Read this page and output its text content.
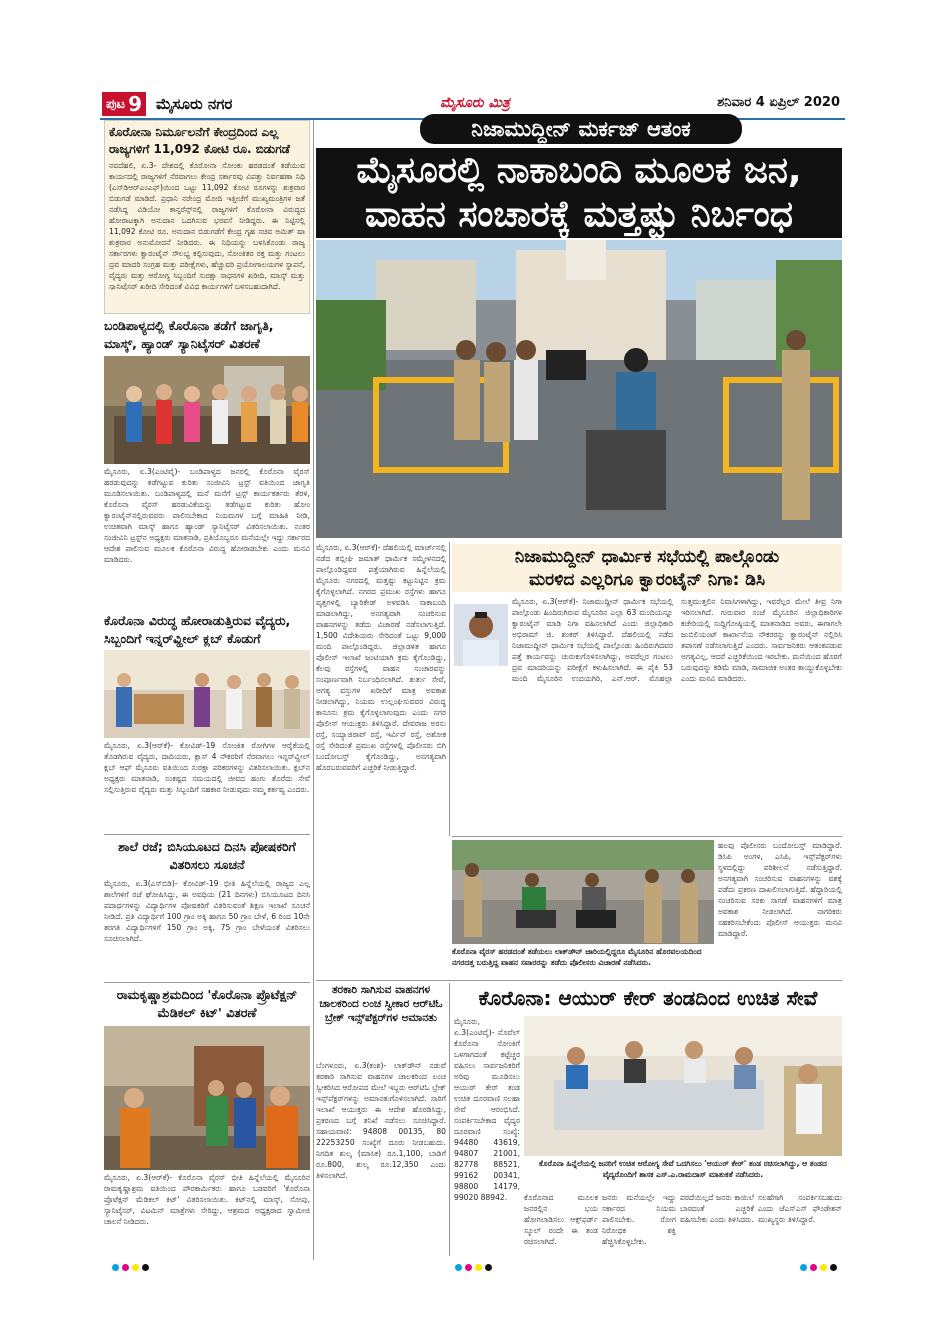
ಪುಟ 9 ಮೈಸೂರು ನಗರ	ಮೈಸೂರು ಮಿತ್ರ	ಶನಿವಾರ 4 ಏಪ್ರಿಲ್ 2020
ಕೊರೋನಾ ನಿರ್ಮೂಲನೆಗೆ ಕೇಂದ್ರದಿಂದ ಎಲ್ಲ ರಾಜ್ಯಗಳಿಗೆ 11,092 ಕೋಟಿ ರೂ. ಬಿಡುಗಡೆ
ನವದೆಹಲಿ, ಏ.3- ದೇಶದಲ್ಲಿ ಕೊರೋನಾ ಸೋಂಕು ಹರಡದಂತೆ ತಡೆಯುವ ಕಾರ್ಯದಲ್ಲಿ ರಾಜ್ಯಗಳಿಗೆ ನೆರವಾಗಲು ಕೇಂದ್ರ ಸರ್ಕಾರವು ವಿಪತ್ತು ನಿರ್ವಹಣಾ ನಿಧಿ (ಎಸ್‌ಡಿಆರ್‌ಎಂಎಫ್)ಯಿಂದ ಒಟ್ಟು 11,092 ಕೋಟಿ ರೂಗಳನ್ನು ಶುಕ್ರವಾರ ಬಿಡುಗಡೆ ಮಾಡಿದೆ. ಪ್ರಧಾನಿ ನರೇಂದ್ರ ಮೋದಿ ಇತ್ತೀಚೆಗೆ ಮುಖ್ಯಮಂತ್ರಿಗಳ ಜತೆ ನಡೆಸಿದ್ದ ವಿಡಿಯೋ ಕಾನ್ಫರೆನ್ಸ್‌ನಲ್ಲಿ ರಾಜ್ಯಗಳಿಗೆ ಕೊರೋನಾ ವಿರುದ್ಧದ ಹೋರಾಟಕ್ಕಾಗಿ ಅನುದಾನ ಒದಗಿಸುವ ಭರವಸೆ ನೀಡಿದ್ದರು. ಈ ನಿಟ್ಟಿನಲ್ಲಿ 11,092 ಕೋಟಿ ರೂ. ಅನುದಾನ ಬಿಡುಗಡೆಗೆ ಕೇಂದ್ರ ಗೃಹ ಸಚಿವ ಅಮಿತ್ ಷಾ ಶುಕ್ರವಾರ ಅನುಮೋದನೆ ನೀಡಿದರು. ಈ ನಿಧಿಯನ್ನು ಬಳಸಿಕೊಂಡು ರಾಜ್ಯ ಸರ್ಕಾರಗಳು ಕ್ವಾರಂಟೈನ್ ಸೌಲಭ್ಯ ಕಲ್ಪಿಸುವುದು, ಸೋಂಕಿತರ ರಕ್ತ ಮತ್ತು ಗಂಟಲು ದ್ರವ ಮಾದರಿ ಸಂಗ್ರಹ ಮತ್ತು ಪರೀಕ್ಷೆಗಳು, ಹೆಚ್ಚುವರಿ ಪ್ರಯೋಗಾಲಯಗಳ ಸ್ಥಾಪನೆ, ವೈದ್ಯರು ಮತ್ತು ಆರೋಗ್ಯ ಸಿಬ್ಬಂದಿಗೆ ಸುರಕ್ಷಾ ಸಾಧನಗಳ ಖರೀದಿ, ಮಾಸ್ಕ್ ಮತ್ತು ಸ್ಯಾನಿಟೈಸರ್ ಖರೀದಿ ಸೇರಿದಂತೆ ವಿವಿಧ ಕಾರ್ಯಗಳಿಗೆ ಬಳಸಬಹುದಾಗಿದೆ.
ಬಂಡಿಪಾಳ್ಯದಲ್ಲಿ ಕೊರೊನಾ ತಡೆಗೆ ಜಾಗೃತಿ, ಮಾಸ್ಕ್, ಹ್ಯಾಂಡ್ ಸ್ಯಾನಿಟೈಸರ್ ವಿತರಣೆ
ಮೈಸೂರು, ಏ.3(ಎಂಟಿವೈ)- ಬಂಡಿಪಾಳ್ಯದ ಜನರಲ್ಲಿ ಕೊರೊನಾ ವೈರಸ್ ಹರಡುವುದನ್ನು ತಡೆಗಟ್ಟುವ ಕುರಿತು ಸಂಜೀವಿನಿ ಟ್ರಸ್ಟ್ ವತಿಯಿಂದ ಜಾಗೃತಿ ಮೂಡಿಸಲಾಯಿತು. ಬಂಡಿಪಾಳ್ಯದಲ್ಲಿ ಮನೆ ಮನೆಗೆ ಟ್ರಸ್ಟ್ ಕಾರ್ಯಕರ್ತರು ತೆರಳಿ, ಕೊರೊನಾ ವೈರಸ್ ಹರಡುವಿಕೆಯನ್ನು ತಡೆಗಟ್ಟುವ ಕುರಿತು ಹೋಂ ಕ್ವಾರಂಟೈನ್‌ನಲ್ಲಿರುವವರು ಪಾಲಿಸಬೇಕಾದ ನಿಯಮಗಳ ಬಗ್ಗೆ ಮಾಹಿತಿ ನೀಡಿ, ಉಚಿತವಾಗಿ ಮಾಸ್ಕ್ ಹಾಗೂ ಹ್ಯಾಂಡ್ ಸ್ಯಾನಿಟೈಸರ್ ವಿತರಿಸಲಾಯಿತು. ನಂತರ ಸಂಜೀವಿನಿ ಟ್ರಸ್ಟ್‌ನ ಅಧ್ಯಕ್ಷರು ಮಾತನಾಡಿ, ಪ್ರತಿಯೊಬ್ಬರೂ ಮನೆಯಲ್ಲೇ ಇದ್ದು ಸರ್ಕಾರದ ಆದೇಶ ಪಾಲಿಸುವ ಮೂಲಕ ಕೊರೊನಾ ವಿರುದ್ಧ ಹೋರಾಡಬೇಕು ಎಂದು ಮನವಿ ಮಾಡಿದರು.
ಕೊರೊನಾ ವಿರುದ್ಧ ಹೋರಾಡುತ್ತಿರುವ ವೈದ್ಯರು, ಸಿಬ್ಬಂದಿಗೆ ಇನ್ನರ್‌ವ್ಹೀಲ್ ಕ್ಲಬ್ ಕೊಡುಗೆ
ಮೈಸೂರು, ಏ.3(ಆರ್‌ಕೆ)- ಕೋವಿಡ್-19 ಸೋಂಕಿತ ರೋಗಿಗಳ ಆರೈಕೆಯಲ್ಲಿ ತೊಡಗಿರುವ ವೈದ್ಯರು, ದಾದಿಯರು, ಕ್ಲಾಸ್ 4 ನೌಕರರಿಗೆ ನೆರವಾಗಲು ಇನ್ನರ್‌ವ್ಹೀಲ್ ಕ್ಲಬ್ ಆಫ್ ಮೈಸೂರು ವತಿಯಿಂದ ಸುರಕ್ಷಾ ಪರಿಕರಗಳನ್ನು ವಿತರಿಸಲಾಯಿತು. ಕ್ಲಬ್‌ನ ಅಧ್ಯಕ್ಷರು ಮಾತನಾಡಿ, ಸಂಕಷ್ಟದ ಸಮಯದಲ್ಲಿ ಜೀವದ ಹಂಗು ತೊರೆದು ಸೇವೆ ಸಲ್ಲಿಸುತ್ತಿರುವ ವೈದ್ಯರು ಮತ್ತು ಸಿಬ್ಬಂದಿಗೆ ಸಹಕಾರ ನೀಡುವುದು ನಮ್ಮ ಕರ್ತವ್ಯ ಎಂದರು.
ಶಾಲೆ ರಜೆ; ಬಿಸಿಯೂಟದ ದಿನಸಿ ಪೋಷಕರಿಗೆ ವಿತರಿಸಲು ಸೂಚನೆ
ಮೈಸೂರು, ಏ.3(ಎಸ್‌ಬಿಡಿ)- ಕೋವಿಡ್-19 ಭೀತಿ ಹಿನ್ನೆಲೆಯಲ್ಲಿ ರಾಜ್ಯದ ಎಲ್ಲ ಶಾಲೆಗಳಿಗೆ ರಜೆ ಘೋಷಿಸಿದ್ದು, ಈ ಅವಧಿಯ (21 ದಿನಗಳು) ಬಿಸಿಯೂಟದ ದಿನಸಿ ಪದಾರ್ಥಗಳನ್ನು ವಿದ್ಯಾರ್ಥಿಗಳ ಪೋಷಕರಿಗೆ ವಿತರಿಸುವಂತೆ ಶಿಕ್ಷಣ ಇಲಾಖೆ ಸೂಚನೆ ನೀಡಿದೆ. ಪ್ರತಿ ವಿದ್ಯಾರ್ಥಿಗೆ 100 ಗ್ರಾಂ ಅಕ್ಕಿ ಹಾಗೂ 50 ಗ್ರಾಂ ಬೇಳೆ, 6 ರಿಂದ 10ನೇ ತರಗತಿ ವಿದ್ಯಾರ್ಥಿಗಳಿಗೆ 150 ಗ್ರಾಂ ಅಕ್ಕಿ, 75 ಗ್ರಾಂ ಬೇಳೆಯಂತೆ ವಿತರಿಸಲು ಸೂಚಿಸಲಾಗಿದೆ.
ರಾಮಕೃಷ್ಣಾಶ್ರಮದಿಂದ 'ಕೊರೊನಾ ಪ್ರೊಟೆಕ್ಷನ್ ಮೆಡಿಕಲ್ ಕಿಟ್' ವಿತರಣೆ
ಮೈಸೂರು, ಏ.3(ಆರ್‌ಕೆ)- ಕೊರೊನಾ ವೈರಸ್ ಭೀತಿ ಹಿನ್ನೆಲೆಯಲ್ಲಿ ಮೈಸೂರಿನ ರಾಮಕೃಷ್ಣಾಶ್ರಮ ವತಿಯಿಂದ ಪೌರಕಾರ್ಮಿಕರು ಹಾಗೂ ಬಡವರಿಗೆ 'ಕೊರೊನಾ ಪ್ರೊಟೆಕ್ಷನ್ ಮೆಡಿಕಲ್ ಕಿಟ್' ವಿತರಿಸಲಾಯಿತು. ಕಿಟ್‌ನಲ್ಲಿ ಮಾಸ್ಕ್, ಸೋಪು, ಸ್ಯಾನಿಟೈಸರ್, ವಿಟಮಿನ್ ಮಾತ್ರೆಗಳು ಸೇರಿದ್ದು, ಆಶ್ರಮದ ಅಧ್ಯಕ್ಷರಾದ ಸ್ವಾಮೀಜಿ ಚಾಲನೆ ನೀಡಿದರು.
ನಿಜಾಮುದ್ದೀನ್ ಮರ್ಕಜ್ ಆತಂಕ
ಮೈಸೂರಲ್ಲಿ ನಾಕಾಬಂದಿ ಮೂಲಕ ಜನ,
ವಾಹನ ಸಂಚಾರಕ್ಕೆ ಮತ್ತಷ್ಟು ನಿರ್ಬಂಧ
ಮೈಸೂರು, ಏ.3(ಆರ್‌ಕೆ)- ದೆಹಲಿಯಲ್ಲಿ ಮಾರ್ಚ್‌ನಲ್ಲಿ ನಡೆದ ತಬ್ಲೀಘಿ ಜಮಾತ್ ಧಾರ್ಮಿಕ ಸಮ್ಮೇಳನದಲ್ಲಿ ಪಾಲ್ಗೊಂಡಿದ್ದವರ ಪತ್ತೆಯಾಗಿರುವ ಹಿನ್ನೆಲೆಯಲ್ಲಿ ಮೈಸೂರು ನಗರದಲ್ಲಿ ಮತ್ತಷ್ಟು ಕಟ್ಟುನಿಟ್ಟಿನ ಕ್ರಮ ಕೈಗೊಳ್ಳಲಾಗಿದೆ. ನಗರದ ಪ್ರಮುಖ ರಸ್ತೆಗಳು ಹಾಗೂ ವೃತ್ತಗಳಲ್ಲಿ ಬ್ಯಾರಿಕೇಡ್ ಅಳವಡಿಸಿ ನಾಕಾಬಂದಿ ಮಾಡಲಾಗಿದ್ದು, ಅನಗತ್ಯವಾಗಿ ಸಂಚರಿಸುವ ವಾಹನಗಳನ್ನು ತಡೆದು ವಿಚಾರಣೆ ನಡೆಸಲಾಗುತ್ತಿದೆ. 1,500 ವಿದೇಶಿಯರು ಸೇರಿದಂತೆ ಒಟ್ಟು 9,000 ಮಂದಿ ಪಾಲ್ಗೊಂಡಿದ್ದರು. ಜಿಲ್ಲಾಡಳಿತ ಹಾಗೂ ಪೊಲೀಸ್ ಇಲಾಖೆ ಜಂಟಿಯಾಗಿ ಕ್ರಮ ಕೈಗೊಂಡಿದ್ದು, ಕೆಲವು ರಸ್ತೆಗಳಲ್ಲಿ ವಾಹನ ಸಂಚಾರವನ್ನು ಸಂಪೂರ್ಣವಾಗಿ ನಿರ್ಬಂಧಿಸಲಾಗಿದೆ. ತುರ್ತು ಸೇವೆ, ಅಗತ್ಯ ವಸ್ತುಗಳ ಖರೀದಿಗೆ ಮಾತ್ರ ಅವಕಾಶ ನೀಡಲಾಗಿದ್ದು, ನಿಯಮ ಉಲ್ಲಂಘಿಸುವವರ ವಿರುದ್ಧ ಕಾನೂನು ಕ್ರಮ ಕೈಗೊಳ್ಳಲಾಗುವುದು ಎಂದು ನಗರ ಪೊಲೀಸ್ ಆಯುಕ್ತರು ತಿಳಿಸಿದ್ದಾರೆ. ದೇವರಾಜ ಅರಸು ರಸ್ತೆ, ಸಯ್ಯಾಜಿರಾವ್ ರಸ್ತೆ, ಇರ್ವಿನ್ ರಸ್ತೆ, ಅಶೋಕ ರಸ್ತೆ ಸೇರಿದಂತೆ ಪ್ರಮುಖ ರಸ್ತೆಗಳಲ್ಲಿ ಪೊಲೀಸರು ಬಿಗಿ ಬಂದೋಬಸ್ತ್ ಕೈಗೊಂಡಿದ್ದು, ಅನಗತ್ಯವಾಗಿ ಹೊರಬರುವವರಿಗೆ ಎಚ್ಚರಿಕೆ ನೀಡುತ್ತಿದ್ದಾರೆ.
ನಿಜಾಮುದ್ದೀನ್ ಧಾರ್ಮಿಕ ಸಭೆಯಲ್ಲಿ ಪಾಲ್ಗೊಂಡು
ಮರಳಿದ ಎಲ್ಲರಿಗೂ ಕ್ವಾರಂಟೈನ್ ನಿಗಾ: ಡಿಸಿ
ಮೈಸೂರು, ಏ.3(ಆರ್‌ಕೆ)- ನಿಜಾಮುದ್ದೀನ್ ಧಾರ್ಮಿಕ ಸಭೆಯಲ್ಲಿ ಪಾಲ್ಗೊಂಡು ಹಿಂದಿರುಗಿರುವ ಮೈಸೂರಿನ ಎಲ್ಲಾ 63 ಮಂದಿಯನ್ನೂ ಕ್ವಾರಂಟೈನ್ ಮಾಡಿ ನಿಗಾ ವಹಿಸಲಾಗಿದೆ ಎಂದು ಜಿಲ್ಲಾಧಿಕಾರಿ ಅಭಿರಾಮ್ ಜಿ. ಶಂಕರ್ ತಿಳಿಸಿದ್ದಾರೆ. ದೆಹಲಿಯಲ್ಲಿ ನಡೆದ ನಿಜಾಮುದ್ದೀನ್ ಧಾರ್ಮಿಕ ಸಭೆಯಲ್ಲಿ ಪಾಲ್ಗೊಂಡು ಹಿಂದಿರುಗಿದವರ ಪತ್ತೆ ಕಾರ್ಯವನ್ನು ಚುರುಕುಗೊಳಿಸಲಾಗಿದ್ದು, ಅವರೆಲ್ಲರ ಗಂಟಲು ದ್ರವ ಮಾದರಿಯನ್ನು ಪರೀಕ್ಷೆಗೆ ಕಳುಹಿಸಲಾಗಿದೆ. ಈ ಪೈಕಿ 53 ಮಂದಿ ಮೈಸೂರಿನ ಉದಯಗಿರಿ, ಎನ್.ಆರ್. ಮೊಹಲ್ಲಾ ಸುತ್ತಮುತ್ತಲಿನ ನಿವಾಸಿಗಳಾಗಿದ್ದು, ಇವರೆಲ್ಲರ ಮೇಲೆ ತೀವ್ರ ನಿಗಾ ಇರಿಸಲಾಗಿದೆ. ಗುರುವಾರ ಸಂಜೆ ಮೈಸೂರಿನ ಜಿಲ್ಲಾಧಿಕಾರಿಗಳ ಕಚೇರಿಯಲ್ಲಿ ಸುದ್ದಿಗೋಷ್ಠಿಯಲ್ಲಿ ಮಾತನಾಡಿದ ಅವರು, ಈಗಾಗಲೇ ಜುಬಿಲಿಯಂಟ್ ಕಾರ್ಖಾನೆಯ ನೌಕರರನ್ನು ಕ್ವಾರಂಟೈನ್ ನಲ್ಲಿರಿಸಿ ತಪಾಸಣೆ ನಡೆಸಲಾಗುತ್ತಿದೆ ಎಂದರು. ಸಾರ್ವಜನಿಕರು ಆತಂಕಪಡುವ ಅಗತ್ಯವಿಲ್ಲ, ಆದರೆ ಎಚ್ಚರಿಕೆಯಿಂದ ಇರಬೇಕು. ಮನೆಯಿಂದ ಹೊರಗೆ ಬರುವುದನ್ನು ಕಡಿಮೆ ಮಾಡಿ, ಸಾಮಾಜಿಕ ಅಂತರ ಕಾಯ್ದುಕೊಳ್ಳಬೇಕು ಎಂದು ಮನವಿ ಮಾಡಿದರು.
ಕೊರೊನಾ ವೈರಸ್ ಹರಡದಂತೆ ತಡೆಯಲು ಲಾಕ್‌ಡೌನ್ ಜಾರಿಯಲ್ಲಿದ್ದರೂ ಮೈಸೂರಿನ ಹೊರವಲಯದಿಂದ ನಗರದತ್ತ ಬರುತ್ತಿದ್ದ ವಾಹನ ಸವಾರರನ್ನು ತಡೆದು ಪೊಲೀಸರು ವಿಚಾರಣೆ ನಡೆಸಿದರು.
ಹಲವು ಪೊಲೀಸರು ಬಂದೋಬಸ್ತ್ ಮಾಡಿದ್ದಾರೆ. ಡಿಸಿಪಿ ಅಂಗಳ, ಎಸಿಪಿ, ಇನ್ಸ್‌ಪೆಕ್ಟರ್‌ಗಳು ಸ್ಥಳದಲ್ಲಿದ್ದು ಪರಿಶೀಲನೆ ನಡೆಸುತ್ತಿದ್ದಾರೆ. ಅನಗತ್ಯವಾಗಿ ಸಂಚರಿಸುವ ವಾಹನಗಳನ್ನು ವಶಕ್ಕೆ ಪಡೆದು ಪ್ರಕರಣ ದಾಖಲಿಸಲಾಗುತ್ತಿದೆ. ಹೆದ್ದಾರಿಯಲ್ಲಿ ಸಂಚರಿಸುವ ಸರಕು ಸಾಗಣೆ ವಾಹನಗಳಿಗೆ ಮಾತ್ರ ಅವಕಾಶ ನೀಡಲಾಗಿದೆ. ನಾಗರಿಕರು ಸಹಕರಿಸಬೇಕೆಂದು ಪೊಲೀಸ್ ಆಯುಕ್ತರು ಮನವಿ ಮಾಡಿದ್ದಾರೆ.
ತರಕಾರಿ ಸಾಗಿಸುವ ವಾಹನಗಳ ಚಾಲಕರಿಂದ ಲಂಚ ಸ್ವೀಕಾರ ಆರ್‌ಟಿಓ ಬ್ರೇಕ್ ಇನ್ಸ್‌ಪೆಕ್ಟರ್‌ಗಳ ಅಮಾನತು
ಬೆಂಗಳೂರು, ಏ.3(ಕಂಶ)- ಲಾಕ್‌ಡೌನ್ ನಡುವೆ ತರಕಾರಿ ಸಾಗಿಸುವ ವಾಹನಗಳ ಚಾಲಕರಿಂದ ಲಂಚ ಸ್ವೀಕರಿಸಿದ ಆರೋಪದ ಮೇಲೆ ಇಬ್ಬರು ಆರ್‌ಟಿಓ ಬ್ರೇಕ್ ಇನ್ಸ್‌ಪೆಕ್ಟರ್‌ಗಳನ್ನು ಅಮಾನತುಗೊಳಿಸಲಾಗಿದೆ. ಸಾರಿಗೆ ಇಲಾಖೆ ಆಯುಕ್ತರು ಈ ಆದೇಶ ಹೊರಡಿಸಿದ್ದು, ಪ್ರಕರಣದ ಬಗ್ಗೆ ತನಿಖೆ ನಡೆಸಲು ಸೂಚಿಸಿದ್ದಾರೆ. ಸಹಾಯವಾಣಿ: 94808 00135, 80 22253250 ಸಂಖ್ಯೆಗೆ ದೂರು ನೀಡಬಹುದು. ನಿಗದಿತ ಶುಲ್ಕ (ಮಾಸಿಕ) ರೂ.1,100, ಬಾಡಿಗೆ ರೂ.800, ಶುಲ್ಕ ರೂ.12,350 ಎಂದು ತಿಳಿಸಲಾಗಿದೆ.
ಕೊರೊನಾ: ಆಯುರ್ ಕೇರ್ ತಂಡದಿಂದ ಉಚಿತ ಸೇವೆ
ಮೈಸೂರು, ಏ.3(ಎಂಟಿವೈ)- ನೊವೆಲ್ ಕೊರೊನಾ ಸೋಂಕಿಗೆ ಒಳಗಾಗದಂತೆ ಕಟ್ಟೆಚ್ಚರ ವಹಿಸಲು ಸಾರ್ವಜನಿಕರಿಗೆ ಅರಿವು ಮೂಡಿಸಲು ಆಯುರ್ ಕೇರ್ ತಂಡ ಉಚಿತ ದೂರವಾಣಿ ಸಲಹಾ ಸೇವೆ ಆರಂಭಿಸಿದೆ. ಸಂಪರ್ಕಿಸಬೇಕಾದ ವೈದ್ಯರ ದೂರವಾಣಿ ಸಂಖ್ಯೆ: 94480 43619, 94807 21001, 82778 88521, 99162 00341, 98800 14179, 99020 88942.
ಕೊರೊನಾ ಹಿನ್ನೆಲೆಯಲ್ಲಿ ಜನರಿಗೆ ಉಚಿತ ಆರೋಗ್ಯ ಸೇವೆ ಒದಗಿಸಲು 'ಆಯುರ್ ಕೇರ್' ತಂಡ ರಚಿಸಲಾಗಿದ್ದು, ಆ ತಂಡದ ವೈದ್ಯರೊಂದಿಗೆ ಶಾಸಕ ಎಸ್.ಎ.ರಾಮದಾಸ್ ಮಾತುಕತೆ ನಡೆಸಿದರು.
ಕೊರೊನಾದ ಮೂಲಕ ಜನರಲ್ಲಿನ ಭಯ ಹೋಗಲಾಡಿಸಲು ಆಕ್ಸ್‌ಫರ್ಡ್ ಸ್ಕೂಲ್ ರಂದೇ ಈ ತಂಡ ರಚಿಸಲಾಗಿದೆ.
ಜನರು ಮನೆಯಲ್ಲೇ ಇದ್ದು ಸರ್ಕಾರದ ನಿಯಮ ಪಾಲಿಸಬೇಕು. ರೋಗ ನಿರೋಧಕ ಶಕ್ತಿ ಹೆಚ್ಚಿಸಿಕೊಳ್ಳಬೇಕು.
ಪರದೆಯಿಲ್ಲದೆ ಜನರು ಕಾಯಿಲೆ ಬಾರದಂತೆ ಎಚ್ಚರಿಕೆ ವಹಿಸಬೇಕು ಎಂದು ತಿಳಿಸಿದರು.
ಸಲಹೆಗಾಗಿ ಸಂಪರ್ಕಿಸಬಹುದು ಎಂದು ಜೆಎಸ್‌ಎಸ್ ಫೌಂಡೇಶನ್ ಮುಖ್ಯಸ್ಥರು ತಿಳಿಸಿದ್ದಾರೆ.
